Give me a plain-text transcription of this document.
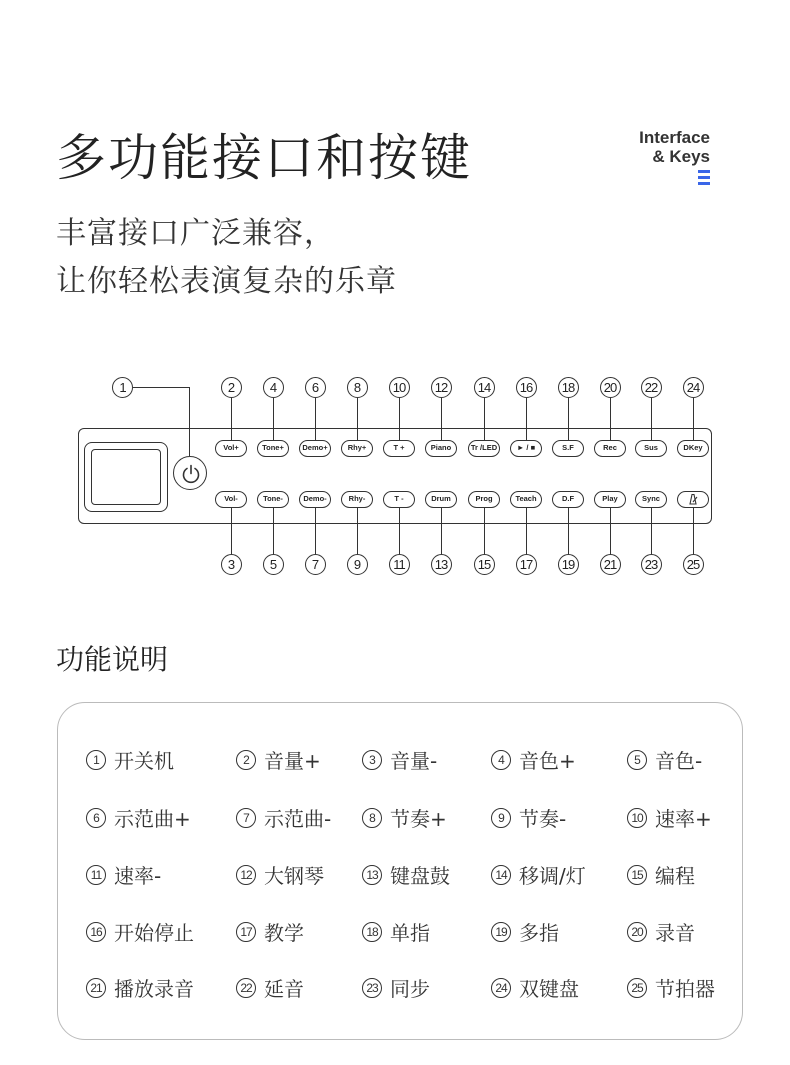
多功能接口和按键	Interface
& Keys
丰富接口广泛兼容，
让你轻松表演复杂的乐章
1	2
Vol+
Vol-
3
4
Tone+
Tone-
5
6
Demo+
Demo-
7
8
Rhy+
Rhy-
9
10
T +
T -
11
12
Piano
Drum
13
14
Tr /LED
Prog
15
16
► / ■
Teach
17
18
S.F
D.F
19
20
Rec
Play
21
22
Sus
Sync
23
24
DKey
25
功能说明
1 开关机	2 音量+	3 音量-	4 音色+	5 音色-
6 示范曲+	7 示范曲-	8 节奏+	9 节奏-	10 速率+
11 速率-	12 大钢琴	13 键盘鼓	14 移调/灯	15 编程
16 开始停止	17 教学	18 单指	19 多指	20 录音
21 播放录音	22 延音	23 同步	24 双键盘	25 节拍器
